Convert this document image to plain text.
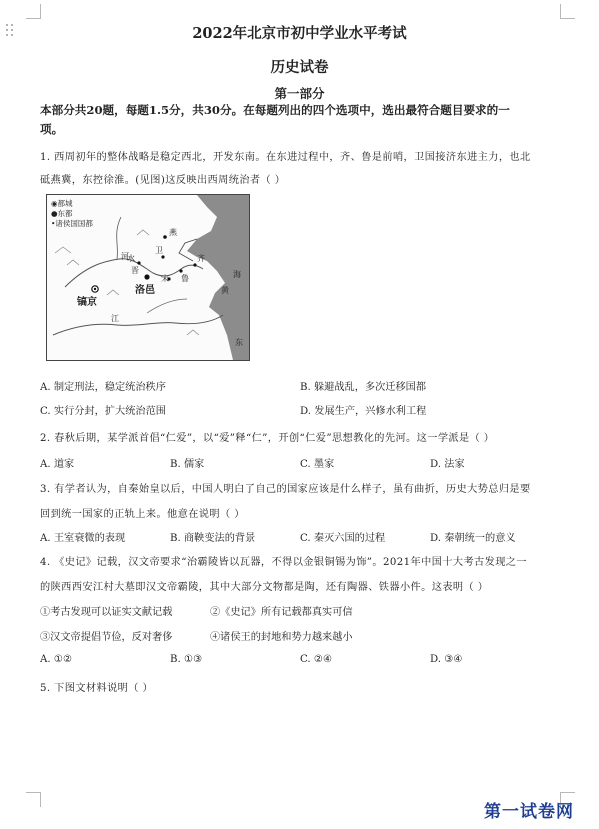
2022年北京市初中学业水平考试
历史试卷
第一部分
本部分共20题，每题1.5分，共30分。在每题列出的四个选项中，选出最符合题目要求的一
项。
1. 西周初年的整体战略是稳定西北，开发东南。在东进过程中，齐、鲁是前哨，卫国接济东进主力，也北
砥燕冀，东控徐淮。(见图)这反映出西周统治者（ ）
◉都城
●东都
•诸侯国国都
燕
晋
卫
齐
鲁
宋
镐京
洛邑
河
水
黄
海
江
东
A. 制定刑法，稳定统治秩序	B. 躲避战乱，多次迁移国都
C. 实行分封，扩大统治范围	D. 发展生产，兴修水利工程
2. 春秋后期，某学派首倡“仁爱”，以“爱”释“仁”，开创“仁爱”思想教化的先河。这一学派是（ ）
A. 道家	B. 儒家	C. 墨家	D. 法家
3. 有学者认为，自秦始皇以后，中国人明白了自己的国家应该是什么样子，虽有曲折，历史大势总归是要
回到统一国家的正轨上来。他意在说明（ ）
A. 王室衰微的表现	B. 商鞅变法的背景	C. 秦灭六国的过程	D. 秦朝统一的意义
4. 《史记》记载，汉文帝要求“治霸陵皆以瓦器，不得以金银铜锡为饰”。2021年中国十大考古发现之一
的陕西西安江村大墓即汉文帝霸陵，其中大部分文物都是陶，还有陶器、铁器小件。这表明（ ）
①考古发现可以证实文献记载	②《史记》所有记载都真实可信
③汉文帝提倡节俭，反对奢侈	④诸侯王的封地和势力越来越小
A. ①②	B. ①③	C. ②④	D. ③④
5. 下图文材料说明（ ）
第一试卷网
